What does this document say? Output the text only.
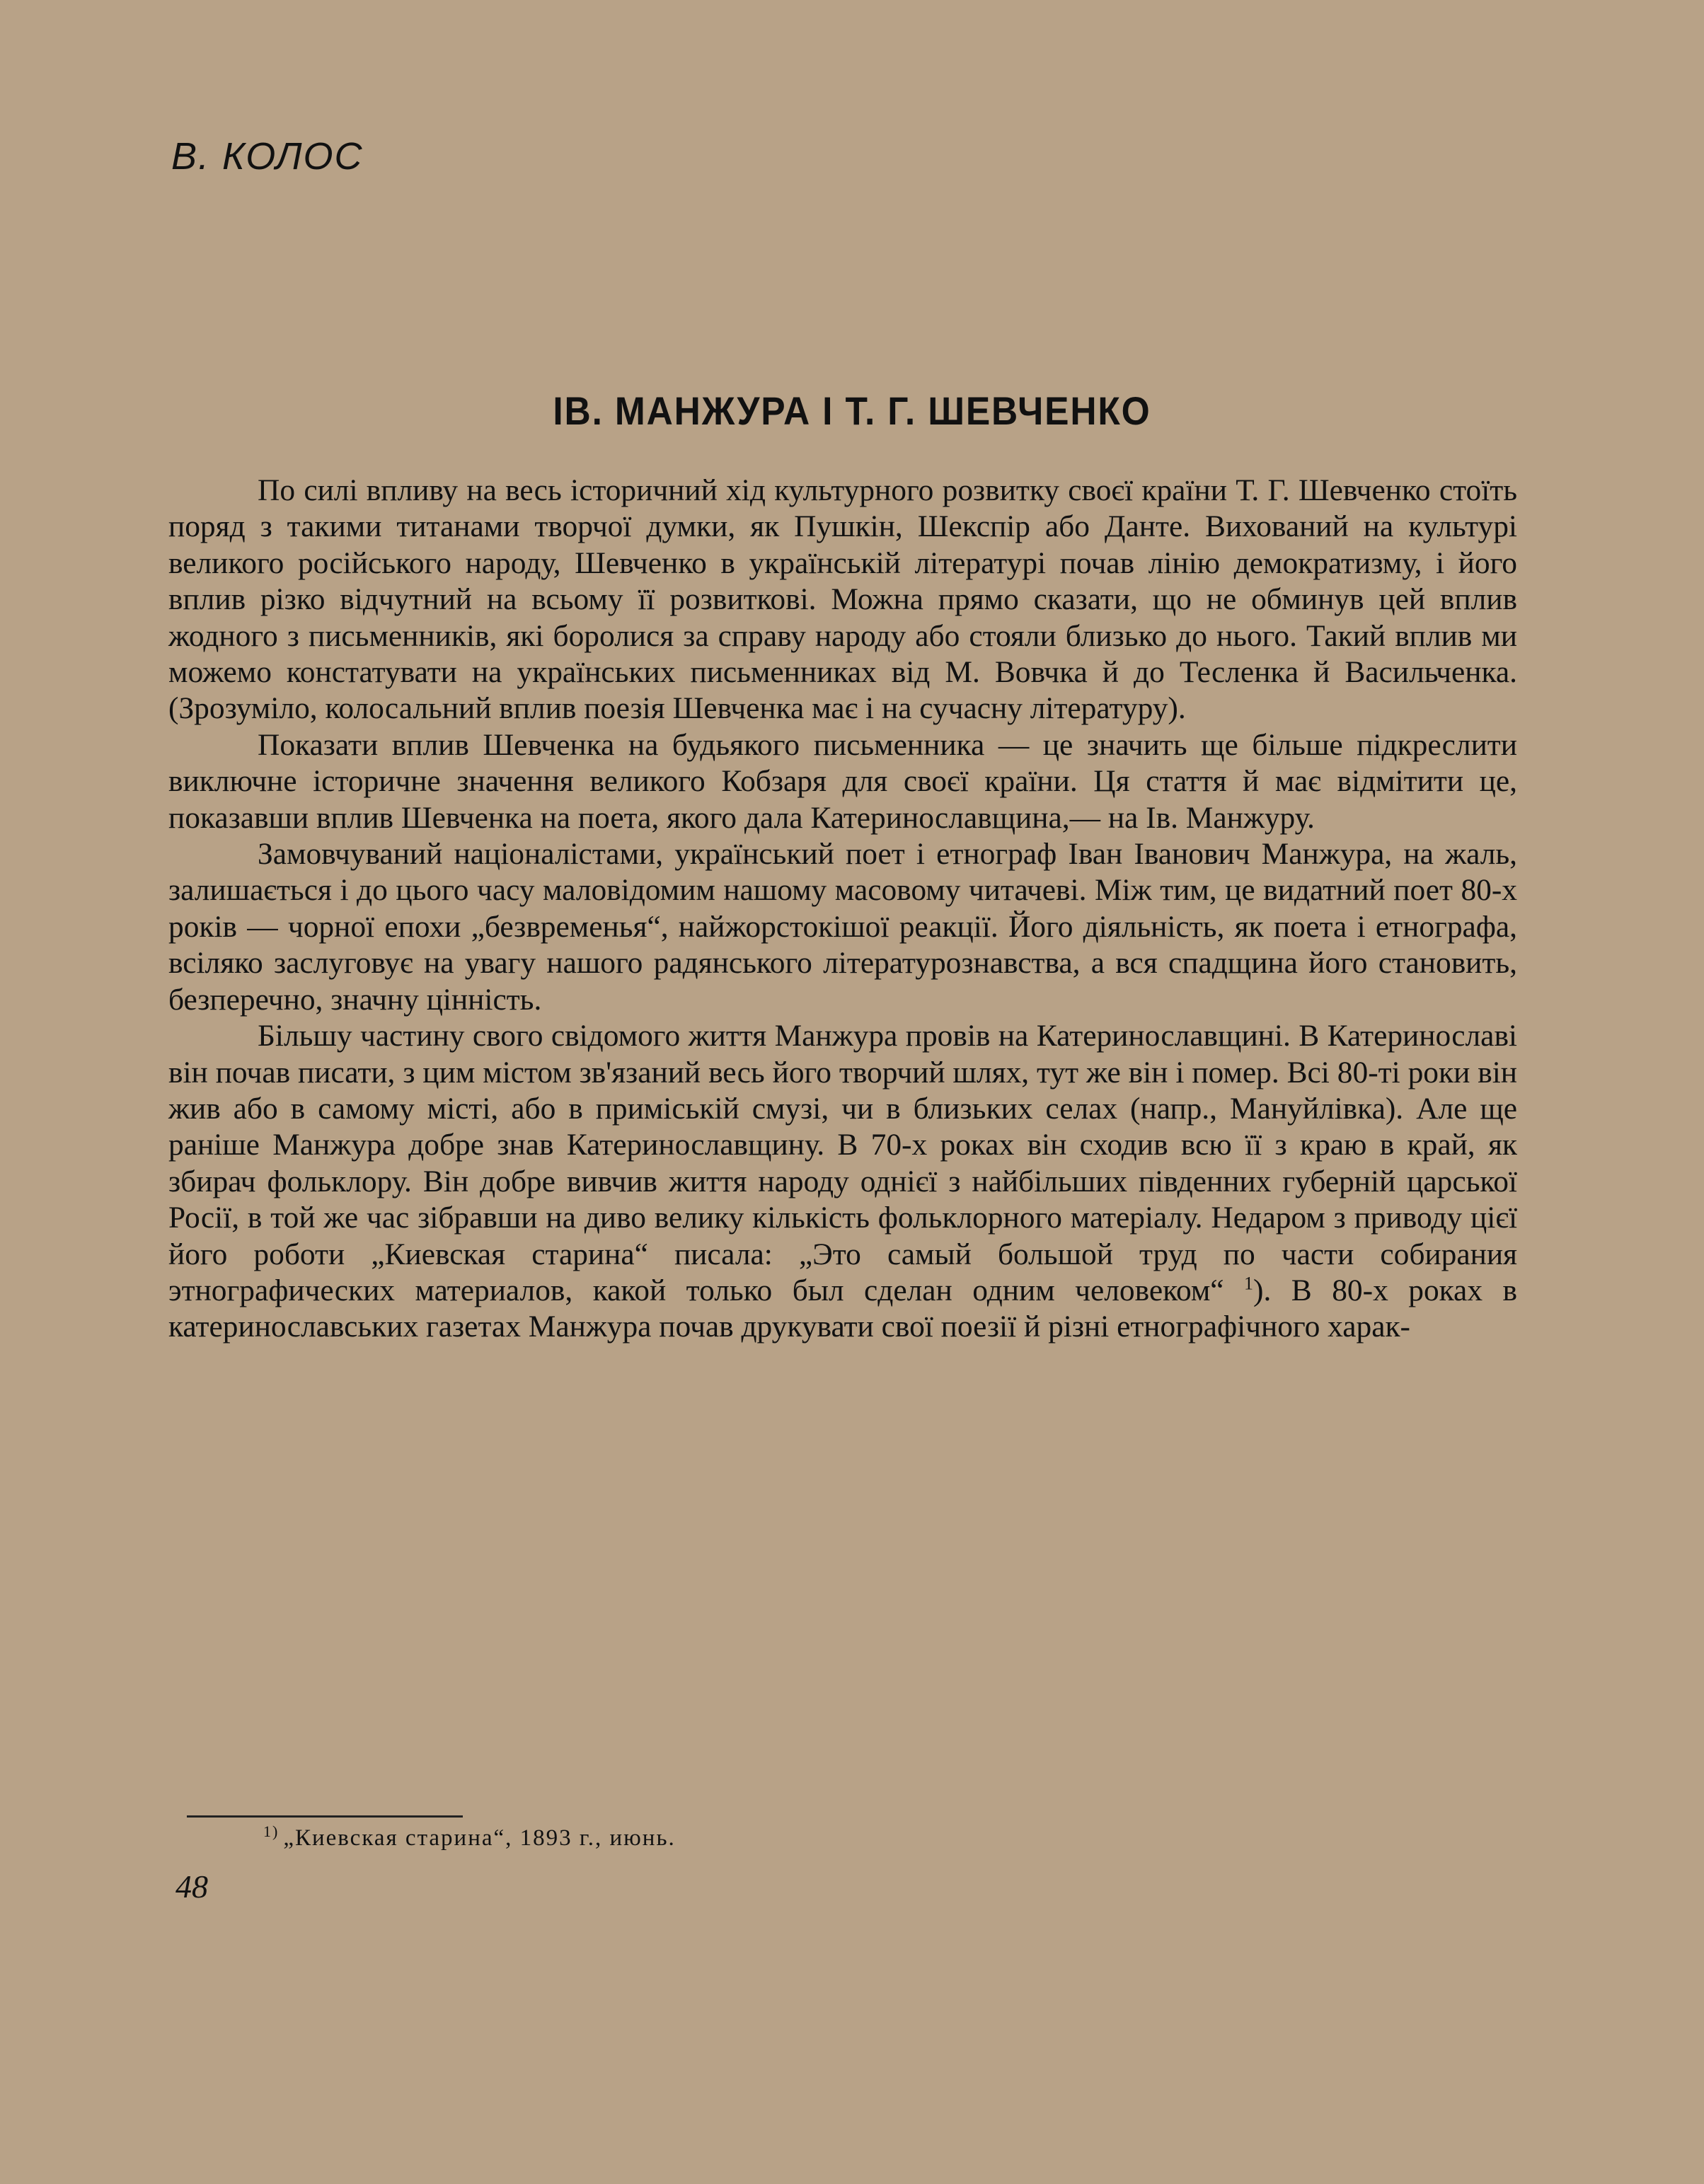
В. КОЛОС
ІВ. МАНЖУРА І Т. Г. ШЕВЧЕНКО

По силі впливу на весь історичний хід культурного розвитку своєї країни Т. Г. Шевченко стоїть поряд з такими титанами творчої думки, як Пушкін, Шекспір або Данте. Вихований на культурі великого російського народу, Шевченко в українській літературі почав лінію демократизму, і його вплив різко відчутний на всьому її розвиткові. Можна прямо сказати, що не обминув цей вплив жодного з письменників, які боролися за справу народу або стояли близько до нього. Такий вплив ми можемо констатувати на українських письменниках від М. Вовчка й до Тесленка й Васильченка. (Зрозуміло, колосальний вплив поезія Шевченка має і на сучасну літературу).

Показати вплив Шевченка на будьякого письменника — це значить ще більше підкреслити виключне історичне значення великого Кобзаря для своєї країни. Ця стаття й має відмітити це, показавши вплив Шевченка на поета, якого дала Катеринославщина,— на Ів. Манжуру.

Замовчуваний націоналістами, український поет і етнограф Іван Іванович Манжура, на жаль, залишається і до цього часу маловідомим нашому масовому читачеві. Між тим, це видатний поет 80-х років — чорної епохи „безвременья“, найжорстокішої реакції. Його діяльність, як поета і етнографа, всіляко заслуговує на увагу нашого радянського літературознавства, а вся спадщина його становить, безперечно, значну цінність.

Більшу частину свого свідомого життя Манжура провів на Катеринославщині. В Катеринославі він почав писати, з цим містом зв'язаний весь його творчий шлях, тут же він і помер. Всі 80-ті роки він жив або в самому місті, або в приміській смузі, чи в близьких селах (напр., Мануйлівка). Але ще раніше Манжура добре знав Катеринославщину. В 70-х роках він сходив всю її з краю в край, як збирач фольклору. Він добре вивчив життя народу однієї з найбільших південних губерній царської Росії, в той же час зібравши на диво велику кількість фольклорного матеріалу. Недаром з приводу цієї його роботи „Киевская старина“ писала: „Это самый большой труд по части собирания этнографических материалов, какой только был сделан одним человеком“ $^1$). В 80-х роках в катеринославських газетах Манжура почав друкувати свої поезії й різні етнографічного харак-

$^{1)}$ „Киевская старина“, 1893 г., июнь.
48
